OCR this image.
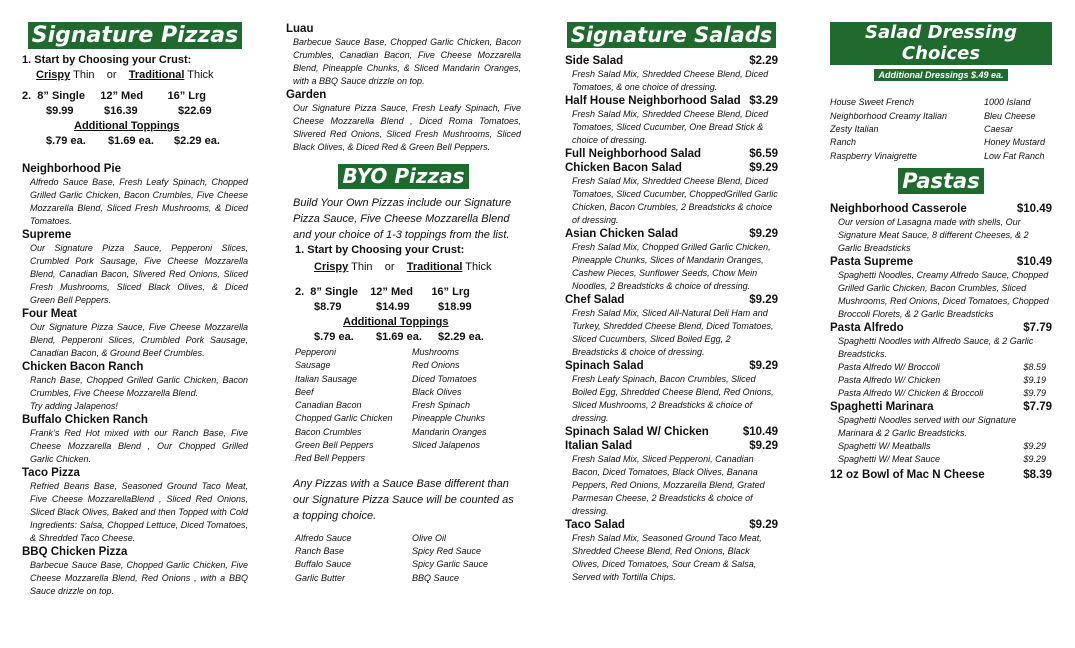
Signature Pizzas
1. Start by Choosing your Crust:
Crispy Thin or Traditional Thick
2.  8” Single     12” Med        16” Lrg
$9.99	$16.39	$22.69
Additional Toppings
$.79 ea.	$1.69 ea.	$2.29 ea.
Neighborhood Pie
Alfredo Sauce Base, Fresh Leafy Spinach, Chopped Grilled Garlic Chicken, Bacon Crumbles, Five Cheese Mozzarella Blend, Sliced Fresh Mushrooms, & Diced Tomatoes.
Supreme
Our Signature Pizza Sauce, Pepperoni Slices, Crumbled Pork Sausage, Five Cheese Mozzarella Blend, Canadian Bacon, Slivered Red Onions, Sliced Fresh Mushrooms, Sliced Black Olives, & Diced Green Bell Peppers.
Four Meat
Our Signature Pizza Sauce, Five Cheese Mozzarella Blend, Pepperoni Slices, Crumbled Pork Sausage, Canadian Bacon, & Ground Beef Crumbles.
Chicken Bacon Ranch
Ranch Base, Chopped Grilled Garlic Chicken, Bacon Crumbles, Five Cheese Mozzarella Blend.
Try adding Jalapenos!
Buffalo Chicken Ranch
Frank’s Red Hot mixed with our Ranch Base, Five Cheese Mozzarella Blend , Our Chopped Grilled Garlic Chicken.
Taco Pizza
Refried Beans Base, Seasoned Ground Taco Meat, Five Cheese MozzarellaBlend , Sliced Red Onions, Sliced Black Olives, Baked and then Topped with Cold Ingredients: Salsa, Chopped Lettuce, Diced Tomatoes, & Shredded Taco Cheese.
BBQ Chicken Pizza
Barbecue Sauce Base, Chopped Garlic Chicken, Five Cheese Mozzarella Blend, Red Onions , with a BBQ Sauce drizzle on top.
Luau
Barbecue Sauce Base, Chopped Garlic Chicken, Bacon Crumbles, Canadian Bacon, Five Cheese Mozzarella Blend, Pineapple Chunks, & Sliced Mandarin Oranges, with a BBQ Sauce drizzle on top.
Garden
Our Signature Pizza Sauce, Fresh Leafy Spinach, Five Cheese Mozzarella Blend , Diced Roma Tomatoes, Slivered Red Onions, Sliced Fresh Mushrooms, Sliced Black Olives, & Diced Red & Green Bell Peppers.
BYO Pizzas
Build Your Own Pizzas include our Signature Pizza Sauce, Five Cheese Mozzarella Blend and your choice of 1-3 toppings from the list.
1. Start by Choosing your Crust:
Crispy Thin or Traditional Thick
2.  8” Single    12” Med      16” Lrg
$8.79	$14.99	$18.99
Additional Toppings
$.79 ea.	$1.69 ea.	$2.29 ea.
Pepperoni
Sausage
Italian Sausage
Beef
Canadian Bacon
Chopped Garlic Chicken
Bacon Crumbles
Green Bell Peppers
Red Bell Peppers
Mushrooms
Red Onions
Diced Tomatoes
Black Olives
Fresh Spinach
Pineapple Chunks
Mandarin Oranges
Sliced Jalapenos
Any Pizzas with a Sauce Base different than our Signature Pizza Sauce will be counted as a topping choice.
Alfredo Sauce
Ranch Base
Buffalo Sauce
Garlic Butter
Olive Oil
Spicy Red Sauce
Spicy Garlic Sauce
BBQ Sauce
Signature Salads
Side Salad	$2.29
Fresh Salad Mix, Shredded Cheese Blend, Diced Tomatoes, & one choice of dressing.
Half House Neighborhood Salad $3.29
Fresh Salad Mix, Shredded Cheese Blend, Diced Tomatoes, Sliced Cucumber, One Bread Stick & choice of dressing.
Full Neighborhood Salad	$6.59
Chicken Bacon Salad	$9.29
Fresh Salad Mix, Shredded Cheese Blend, Diced Tomatoes, Sliced Cucumber, ChoppedGrilled Garlic Chicken, Bacon Crumbles, 2 Breadsticks & choice of dressing.
Asian Chicken Salad	$9.29
Fresh Salad Mix, Chopped Grilled Garlic Chicken, Pineapple Chunks, Slices of Mandarin Oranges, Cashew Pieces, Sunflower Seeds, Chow Mein Noodles, 2 Breadsticks & choice of dressing.
Chef Salad	$9.29
Fresh Salad Mix, Sliced All-Natural Deli Ham and Turkey, Shredded Cheese Blend, Diced Tomatoes, Sliced Cucumbers, Sliced Boiled Egg, 2 Breadsticks & choice of dressing.
Spinach Salad	$9.29
Fresh Leafy Spinach, Bacon Crumbles, Sliced Boiled Egg, Shredded Cheese Blend, Red Onions, Sliced Mushrooms, 2 Breadsticks & choice of dressing.
Spinach Salad W/ Chicken	$10.49
Italian Salad	$9.29
Fresh Salad Mix, Sliced Pepperoni, Canadian Bacon, Diced Tomatoes, Black Olives, Banana Peppers, Red Onions, Mozzarella Blend, Grated Parmesan Cheese, 2 Breadsticks & choice of dressing.
Taco Salad	$9.29
Fresh Salad Mix, Seasoned Ground Taco Meat, Shredded Cheese Blend, Red Onions, Black Olives, Diced Tomatoes, Sour Cream & Salsa, Served with Tortilla Chips.
Salad Dressing Choices
Additional Dressings $.49 ea.
House Sweet French
Neighborhood Creamy Italian
Zesty Italian
Ranch
Raspberry Vinaigrette
1000 Island
Bleu Cheese
Caesar
Honey Mustard
Low Fat Ranch
Pastas
Neighborhood Casserole	$10.49
Our version of Lasagna made with shells, Our Signature Meat Sauce, 8 different Cheeses, & 2 Garlic Breadsticks
Pasta Supreme	$10.49
Spaghetti Noodles, Creamy Alfredo Sauce, Chopped Grilled Garlic Chicken, Bacon Crumbles, Sliced Mushrooms, Red Onions, Diced Tomatoes, Chopped Broccoli Florets, & 2 Garlic Breadsticks
Pasta Alfredo	$7.79
Spaghetti Noodles with Alfredo Sauce, & 2 Garlic Breadsticks.
Pasta Alfredo W/ Broccoli	$8.59
Pasta Alfredo W/ Chicken	$9.19
Pasta Alfredo W/ Chicken & Broccoli	$9.79
Spaghetti Marinara	$7.79
Spaghetti Noodles served with our Signature Marinara & 2 Garlic Breadsticks.
Spaghetti W/ Meatballs	$9.29
Spaghetti W/ Meat Sauce	$9.29
12 oz Bowl of Mac N Cheese	$8.39
